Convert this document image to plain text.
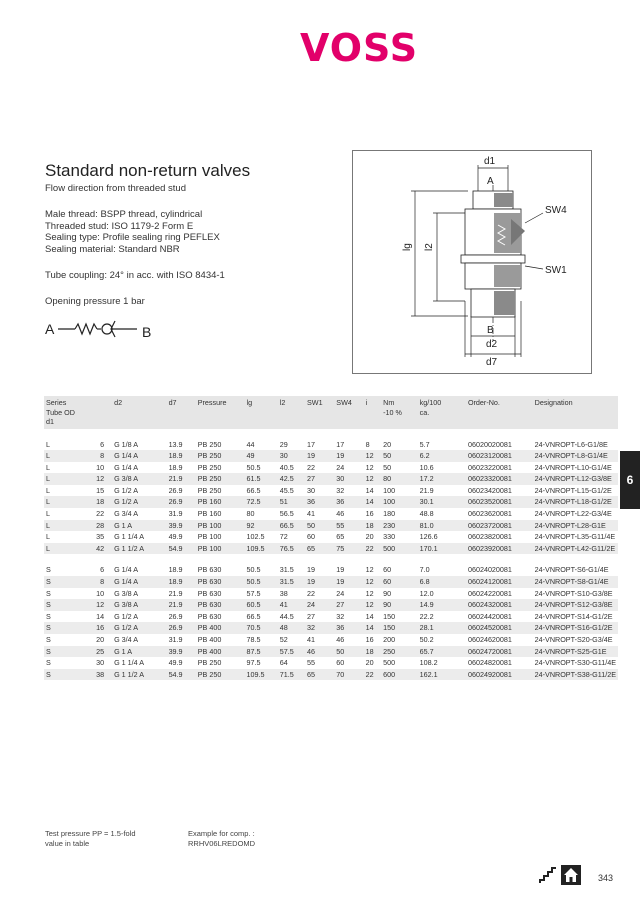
VOSS
Standard non-return valves
Flow direction from threaded stud
Male thread: BSPP thread, cylindrical
Threaded stud: ISO 1179-2 Form E
Sealing type: Profile sealing ring PEFLEX
Sealing material: Standard NBR
Tube coupling: 24° in acc. with ISO 8434-1
Opening pressure 1 bar
A	B
d1
A
SW4
SW1
B
d2
d7
lg l2
Series
Tube OD
d1		d2	d7	Pressure	lg	l2	SW1	SW4	i	Nm
-10 %	kg/100
ca.	Order-No.	Designation

L	6	G 1/8 A	13.9	PB 250	44	29	17	17	8	20	5.7	06020020081	24-VNROPT-L6-G1/8E
L	8	G 1/4 A	18.9	PB 250	49	30	19	19	12	50	6.2	06023120081	24-VNROPT-L8-G1/4E
L	10	G 1/4 A	18.9	PB 250	50.5	40.5	22	24	12	50	10.6	06023220081	24-VNROPT-L10-G1/4E
L	12	G 3/8 A	21.9	PB 250	61.5	42.5	27	30	12	80	17.2	06023320081	24-VNROPT-L12-G3/8E
L	15	G 1/2 A	26.9	PB 250	66.5	45.5	30	32	14	100	21.9	06023420081	24-VNROPT-L15-G1/2E
L	18	G 1/2 A	26.9	PB 160	72.5	51	36	36	14	100	30.1	06023520081	24-VNROPT-L18-G1/2E
L	22	G 3/4 A	31.9	PB 160	80	56.5	41	46	16	180	48.8	06023620081	24-VNROPT-L22-G3/4E
L	28	G 1 A	39.9	PB 100	92	66.5	50	55	18	230	81.0	06023720081	24-VNROPT-L28-G1E
L	35	G 1 1/4 A	49.9	PB 100	102.5	72	60	65	20	330	126.6	06023820081	24-VNROPT-L35-G11/4E
L	42	G 1 1/2 A	54.9	PB 100	109.5	76.5	65	75	22	500	170.1	06023920081	24-VNROPT-L42-G11/2E

S	6	G 1/4 A	18.9	PB 630	50.5	31.5	19	19	12	60	7.0	06024020081	24-VNROPT-S6-G1/4E
S	8	G 1/4 A	18.9	PB 630	50.5	31.5	19	19	12	60	6.8	06024120081	24-VNROPT-S8-G1/4E
S	10	G 3/8 A	21.9	PB 630	57.5	38	22	24	12	90	12.0	06024220081	24-VNROPT-S10-G3/8E
S	12	G 3/8 A	21.9	PB 630	60.5	41	24	27	12	90	14.9	06024320081	24-VNROPT-S12-G3/8E
S	14	G 1/2 A	26.9	PB 630	66.5	44.5	27	32	14	150	22.2	06024420081	24-VNROPT-S14-G1/2E
S	16	G 1/2 A	26.9	PB 400	70.5	48	32	36	14	150	28.1	06024520081	24-VNROPT-S16-G1/2E
S	20	G 3/4 A	31.9	PB 400	78.5	52	41	46	16	200	50.2	06024620081	24-VNROPT-S20-G3/4E
S	25	G 1 A	39.9	PB 400	87.5	57.5	46	50	18	250	65.7	06024720081	24-VNROPT-S25-G1E
S	30	G 1 1/4 A	49.9	PB 250	97.5	64	55	60	20	500	108.2	06024820081	24-VNROPT-S30-G11/4E
S	38	G 1 1/2 A	54.9	PB 250	109.5	71.5	65	70	22	600	162.1	06024920081	24-VNROPT-S38-G11/2E
6
Test pressure PP = 1.5-fold
value in table
Example for comp. :
RRHV06LREDOMD
343
